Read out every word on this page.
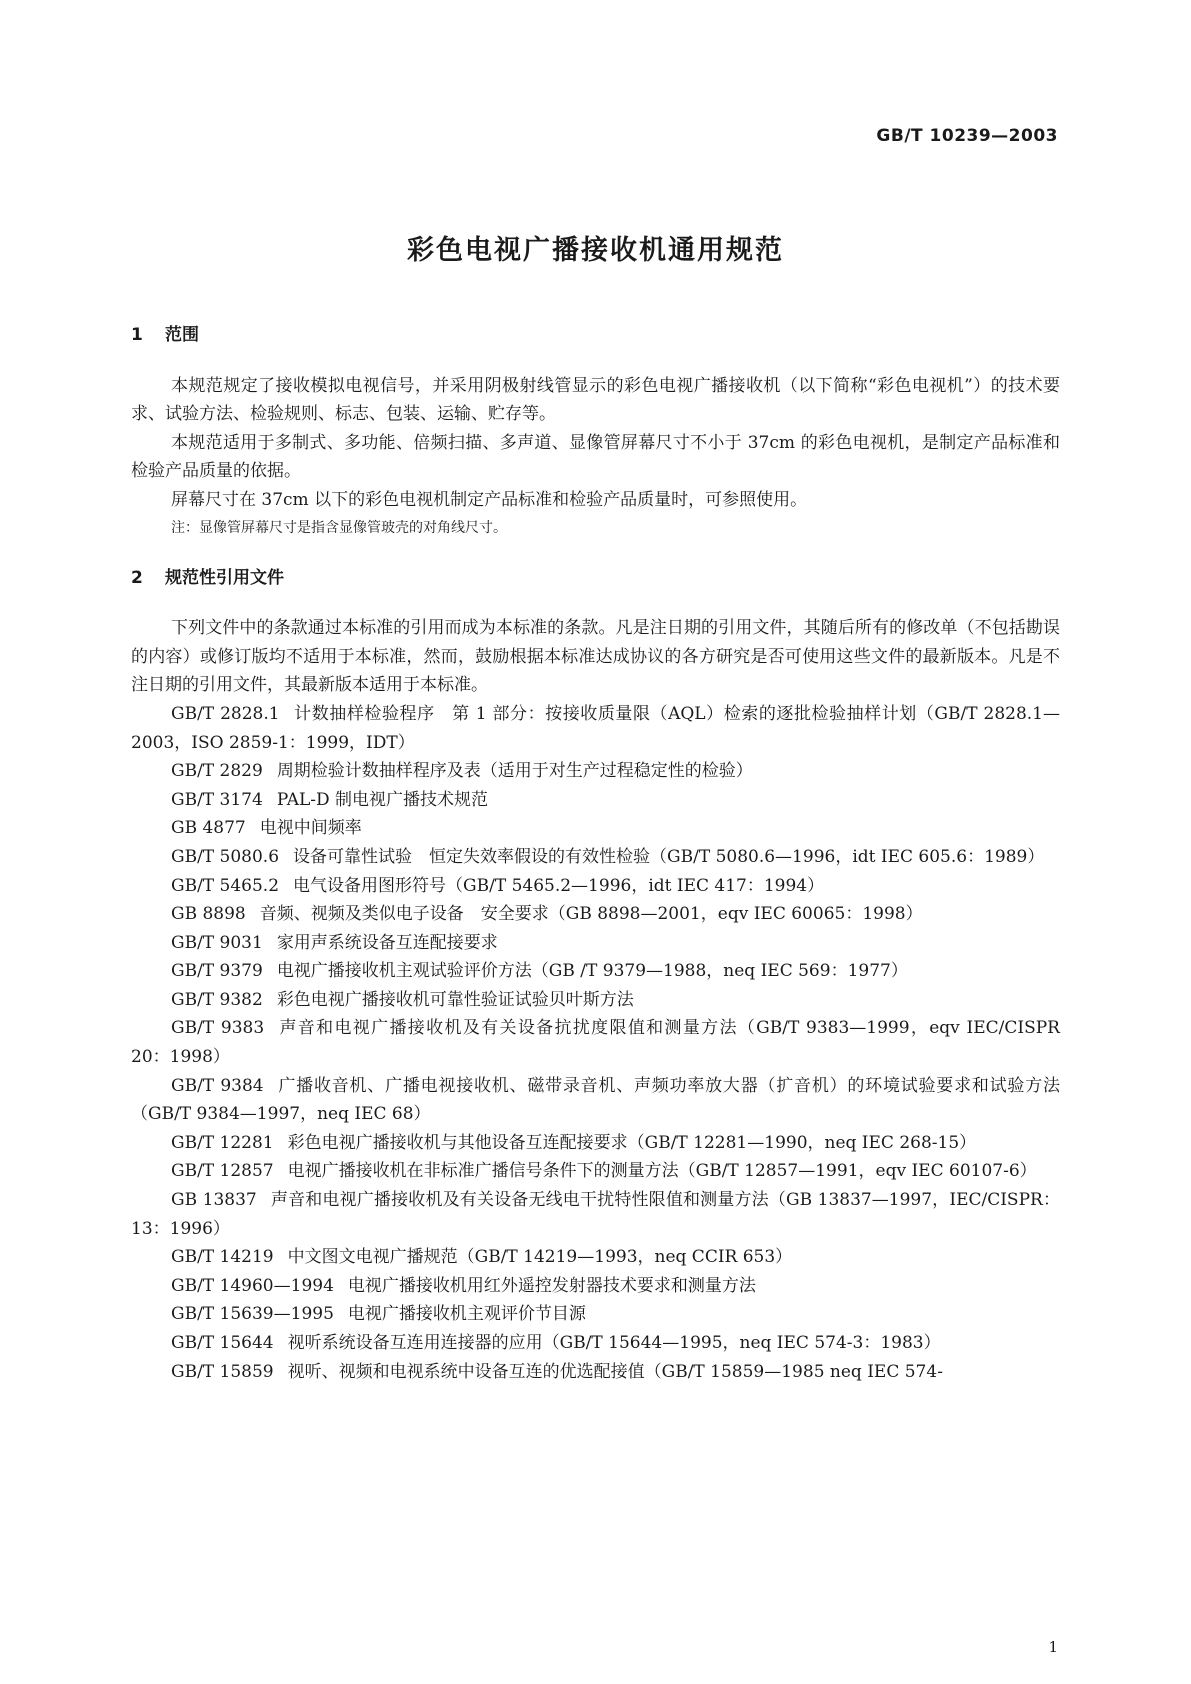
GB/T 10239—2003
彩色电视广播接收机通用规范
1 范围

本规范规定了接收模拟电视信号，并采用阴极射线管显示的彩色电视广播接收机（以下简称“彩色电视机”）的技术要求、试验方法、检验规则、标志、包装、运输、贮存等。

本规范适用于多制式、多功能、倍频扫描、多声道、显像管屏幕尺寸不小于 37cm 的彩色电视机，是制定产品标准和检验产品质量的依据。

屏幕尺寸在 37cm 以下的彩色电视机制定产品标准和检验产品质量时，可参照使用。

注：显像管屏幕尺寸是指含显像管玻壳的对角线尺寸。

2 规范性引用文件

下列文件中的条款通过本标准的引用而成为本标准的条款。凡是注日期的引用文件，其随后所有的修改单（不包括勘误的内容）或修订版均不适用于本标准，然而，鼓励根据本标准达成协议的各方研究是否可使用这些文件的最新版本。凡是不注日期的引用文件，其最新版本适用于本标准。

GB/T 2828.1 计数抽样检验程序　第 1 部分：按接收质量限（AQL）检索的逐批检验抽样计划（GB/T 2828.1—2003，ISO 2859-1：1999，IDT）

GB/T 2829 周期检验计数抽样程序及表（适用于对生产过程稳定性的检验）

GB/T 3174 PAL-D 制电视广播技术规范

GB 4877 电视中间频率

GB/T 5080.6 设备可靠性试验　恒定失效率假设的有效性检验（GB/T 5080.6—1996，idt IEC 605.6：1989）

GB/T 5465.2 电气设备用图形符号（GB/T 5465.2—1996，idt IEC 417：1994）

GB 8898 音频、视频及类似电子设备　安全要求（GB 8898—2001，eqv IEC 60065：1998）

GB/T 9031 家用声系统设备互连配接要求

GB/T 9379 电视广播接收机主观试验评价方法（GB /T 9379—1988，neq IEC 569：1977）

GB/T 9382 彩色电视广播接收机可靠性验证试验贝叶斯方法

GB/T 9383 声音和电视广播接收机及有关设备抗扰度限值和测量方法（GB/T 9383—1999，eqv IEC/CISPR 20：1998）

GB/T 9384 广播收音机、广播电视接收机、磁带录音机、声频功率放大器（扩音机）的环境试验要求和试验方法（GB/T 9384—1997，neq IEC 68）

GB/T 12281 彩色电视广播接收机与其他设备互连配接要求（GB/T 12281—1990，neq IEC 268-15）

GB/T 12857 电视广播接收机在非标准广播信号条件下的测量方法（GB/T 12857—1991，eqv IEC 60107-6）

GB 13837 声音和电视广播接收机及有关设备无线电干扰特性限值和测量方法（GB 13837—1997，IEC/CISPR：13：1996）

GB/T 14219 中文图文电视广播规范（GB/T 14219—1993，neq CCIR 653）

GB/T 14960—1994 电视广播接收机用红外遥控发射器技术要求和测量方法

GB/T 15639—1995 电视广播接收机主观评价节目源

GB/T 15644 视听系统设备互连用连接器的应用（GB/T 15644—1995，neq IEC 574-3：1983）

GB/T 15859 视听、视频和电视系统中设备互连的优选配接值（GB/T 15859—1985 neq IEC 574-

1
